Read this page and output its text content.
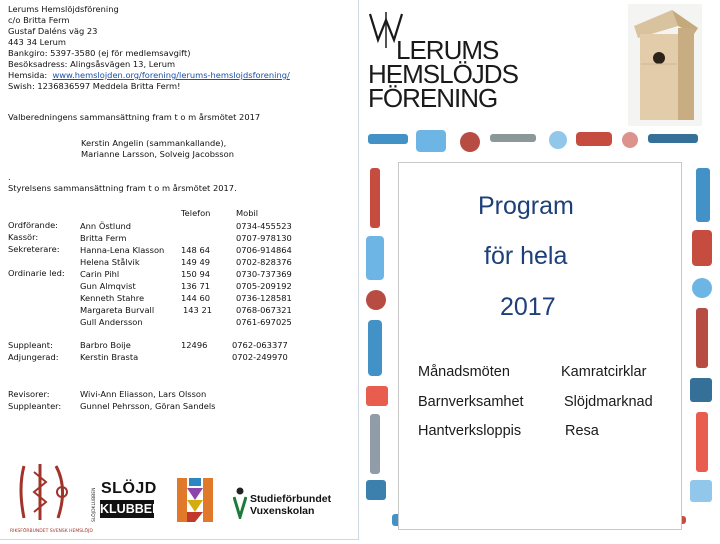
Lerums Hemslöjdsförening
c/o Britta Ferm
Gustaf Daléns väg 23
443 34 Lerum
Bankgiro: 5397-3580 (ej för medlemsavgift)
Besöksadress: Alingsåsvägen 13, Lerum
Hemsida: www.hemslojden.org/forening/lerums-hemslojdsforening/
Swish: 1236836597 Meddela Britta Ferm!
Valberedningens sammansättning fram t o m årsmötet 2017
Kerstin Angelin (sammankallande),
Marianne Larsson, Solveig Jacobsson
.
Styrelsens sammansättning fram t o m årsmötet 2017.
Telefon	Mobil
Ordförande:
Kassör:
Sekreterare:
Ordinarie led:
Ann Östlund
Britta Ferm
Hanna-Lena Klasson
Helena Stålvik
Carin Pihl
Gun Almqvist
Kenneth Stahre
Margareta Burvall
Gull Andersson
148 64
149 49
150 94
136 71
144 60
143 21
0734-455523
0707-978130
0706-914864
0702-828376
0730-737369
0705-209192
0736-128581
0768-067321
0761-697025
Suppleant:
Adjungerad:
Barbro Boije
Kerstin Brasta
12496	0762-063377
0702-249970
Revisorer:
Suppleanter:
Wivi-Ann Eliasson, Lars Olsson
Gunnel Pehrsson, Göran Sandels
RIKSFÖRBUNDET SVENSK HEMSLÖJD
SLÖJDKLUBBEN SLÖJD
KLUBBEN
Studieförbundet
Vuxenskolan
LERUMS
HEMSLÖJDS
FÖRENING
Program
för hela
2017
Månadsmöten
Barnverksamhet
Hantverksloppis
Kamratcirklar
Slöjdmarknad
Resa
